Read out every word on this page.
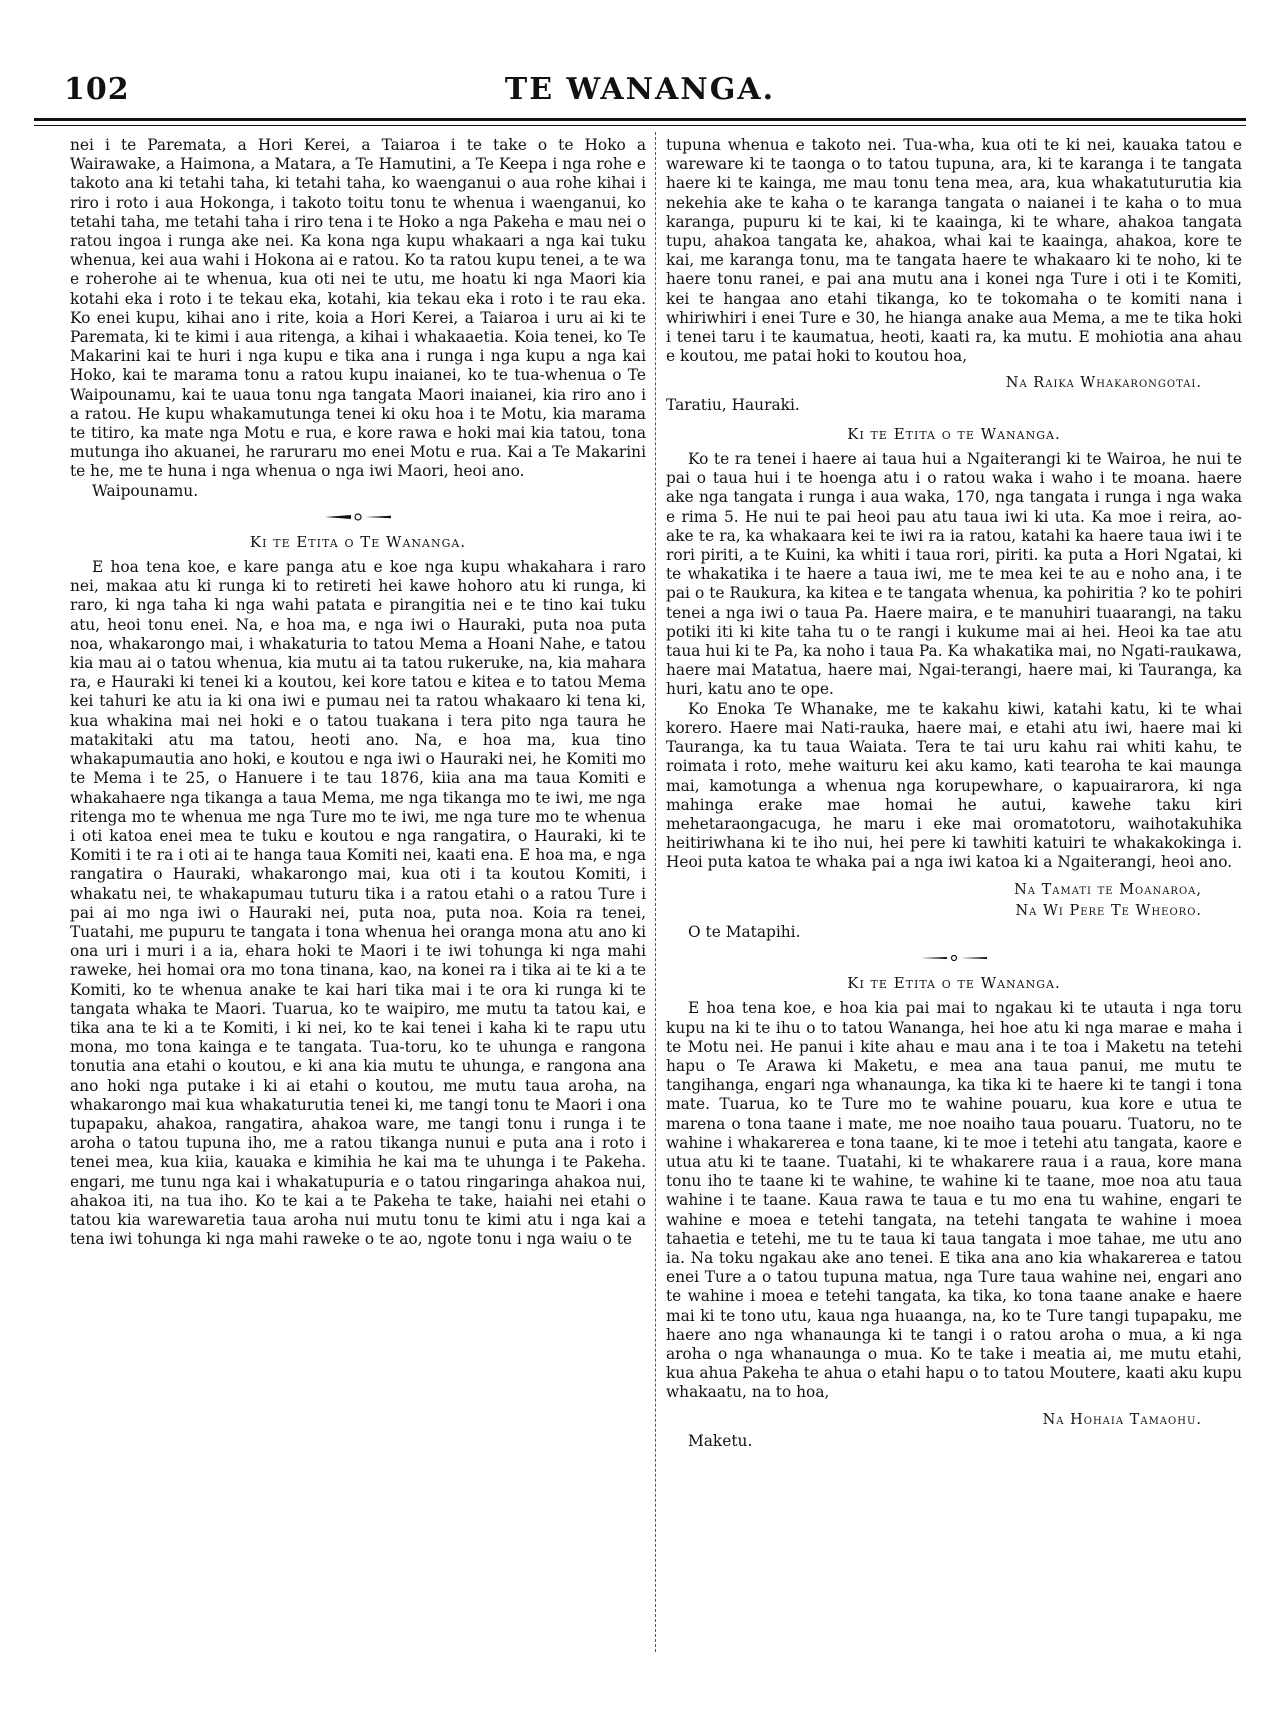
102	TE WANANGA.

nei i te Paremata, a Hori Kerei, a Taiaroa i te take o te Hoko a Wairawake, a Haimona, a Matara, a Te Hamutini, a Te Keepa i nga rohe e takoto ana ki tetahi taha, ki tetahi taha, ko waenganui o aua rohe kihai i riro i roto i aua Hokonga, i takoto toitu tonu te whenua i waenganui, ko tetahi taha, me tetahi taha i riro tena i te Hoko a nga Pakeha e mau nei o ratou ingoa i runga ake nei. Ka kona nga kupu whakaari a nga kai tuku whenua, kei aua wahi i Hokona ai e ratou. Ko ta ratou kupu tenei, a te wa e roherohe ai te whenua, kua oti nei te utu, me hoatu ki nga Maori kia kotahi eka i roto i te tekau eka, kotahi, kia tekau eka i roto i te rau eka. Ko enei kupu, kihai ano i rite, koia a Hori Kerei, a Taiaroa i uru ai ki te Paremata, ki te kimi i aua ritenga, a kihai i whakaaetia. Koia tenei, ko Te Makarini kai te huri i nga kupu e tika ana i runga i nga kupu a nga kai Hoko, kai te marama tonu a ratou kupu inaianei, ko te tua-whenua o Te Waipounamu, kai te uaua tonu nga tangata Maori inaianei, kia riro ano i a ratou. He kupu whakamutunga tenei ki oku hoa i te Motu, kia marama te titiro, ka mate nga Motu e rua, e kore rawa e hoki mai kia tatou, tona mutunga iho akuanei, he raruraru mo enei Motu e rua. Kai a Te Makarini te he, me te huna i nga whenua o nga iwi Maori, heoi ano.

Waipounamu.

Ki te Etita o Te Wananga.

E hoa tena koe, e kare panga atu e koe nga kupu whakahara i raro nei, makaa atu ki runga ki to retireti hei kawe hohoro atu ki runga, ki raro, ki nga taha ki nga wahi patata e pirangitia nei e te tino kai tuku atu, heoi tonu enei. Na, e hoa ma, e nga iwi o Hauraki, puta noa puta noa, whakarongo mai, i whakaturia to tatou Mema a Hoani Nahe, e tatou kia mau ai o tatou whenua, kia mutu ai ta tatou rukeruke, na, kia mahara ra, e Hauraki ki tenei ki a koutou, kei kore tatou e kitea e to tatou Mema kei tahuri ke atu ia ki ona iwi e pumau nei ta ratou whakaaro ki tena ki, kua whakina mai nei hoki e o tatou tuakana i tera pito nga taura he matakitaki atu ma tatou, heoti ano. Na, e hoa ma, kua tino whakapumautia ano hoki, e koutou e nga iwi o Hauraki nei, he Komiti mo te Mema i te 25, o Hanuere i te tau 1876, kiia ana ma taua Komiti e whakahaere nga tikanga a taua Mema, me nga tikanga mo te iwi, me nga ritenga mo te whenua me nga Ture mo te iwi, me nga ture mo te whenua i oti katoa enei mea te tuku e koutou e nga rangatira, o Hauraki, ki te Komiti i te ra i oti ai te hanga taua Komiti nei, kaati ena. E hoa ma, e nga rangatira o Hauraki, whakarongo mai, kua oti i ta koutou Komiti, i whakatu nei, te whakapumau tuturu tika i a ratou etahi o a ratou Ture i pai ai mo nga iwi o Hauraki nei, puta noa, puta noa. Koia ra tenei, Tuatahi, me pupuru te tangata i tona whenua hei oranga mona atu ano ki ona uri i muri i a ia, ehara hoki te Maori i te iwi tohunga ki nga mahi raweke, hei homai ora mo tona tinana, kao, na konei ra i tika ai te ki a te Komiti, ko te whenua anake te kai hari tika mai i te ora ki runga ki te tangata whaka te Maori. Tuarua, ko te waipiro, me mutu ta tatou kai, e tika ana te ki a te Komiti, i ki nei, ko te kai tenei i kaha ki te rapu utu mona, mo tona kainga e te tangata. Tua-toru, ko te uhunga e rangona tonutia ana etahi o koutou, e ki ana kia mutu te uhunga, e rangona ana ano hoki nga putake i ki ai etahi o koutou, me mutu taua aroha, na whakarongo mai kua whakaturutia tenei ki, me tangi tonu te Maori i ona tupapaku, ahakoa, rangatira, ahakoa ware, me tangi tonu i runga i te aroha o tatou tupuna iho, me a ratou tikanga nunui e puta ana i roto i tenei mea, kua kiia, kauaka e kimihia he kai ma te uhunga i te Pakeha. engari, me tunu nga kai i whakatupuria e o tatou ringaringa ahakoa nui, ahakoa iti, na tua iho. Ko te kai a te Pakeha te take, haiahi nei etahi o tatou kia warewaretia taua aroha nui mutu tonu te kimi atu i nga kai a tena iwi tohunga ki nga mahi raweke o te ao, ngote tonu i nga waiu o te

tupuna whenua e takoto nei. Tua-wha, kua oti te ki nei, kauaka tatou e wareware ki te taonga o to tatou tupuna, ara, ki te karanga i te tangata haere ki te kainga, me mau tonu tena mea, ara, kua whakatuturutia kia nekehia ake te kaha o te karanga tangata o naianei i te kaha o to mua karanga, pupuru ki te kai, ki te kaainga, ki te whare, ahakoa tangata tupu, ahakoa tangata ke, ahakoa, whai kai te kaainga, ahakoa, kore te kai, me karanga tonu, ma te tangata haere te whakaaro ki te noho, ki te haere tonu ranei, e pai ana mutu ana i konei nga Ture i oti i te Komiti, kei te hangaa ano etahi tikanga, ko te tokomaha o te komiti nana i whiriwhiri i enei Ture e 30, he hianga anake aua Mema, a me te tika hoki i tenei taru i te kaumatua, heoti, kaati ra, ka mutu. E mohiotia ana ahau e koutou, me patai hoki to koutou hoa,

Na Raika Whakarongotai.

Taratiu, Hauraki.

Ki te Etita o te Wananga.

Ko te ra tenei i haere ai taua hui a Ngaiterangi ki te Wairoa, he nui te pai o taua hui i te hoenga atu i o ratou waka i waho i te moana. haere ake nga tangata i runga i aua waka, 170, nga tangata i runga i nga waka e rima 5. He nui te pai heoi pau atu taua iwi ki uta. Ka moe i reira, ao-ake te ra, ka whakaara kei te iwi ra ia ratou, katahi ka haere taua iwi i te rori piriti, a te Kuini, ka whiti i taua rori, piriti. ka puta a Hori Ngatai, ki te whakatika i te haere a taua iwi, me te mea kei te au e noho ana, i te pai o te Raukura, ka kitea e te tangata whenua, ka pohiritia ? ko te pohiri tenei a nga iwi o taua Pa. Haere maira, e te manuhiri tuaarangi, na taku potiki iti ki kite taha tu o te rangi i kukume mai ai hei. Heoi ka tae atu taua hui ki te Pa, ka noho i taua Pa. Ka whakatika mai, no Ngati-raukawa, haere mai Matatua, haere mai, Ngai-terangi, haere mai, ki Tauranga, ka huri, katu ano te ope.

Ko Enoka Te Whanake, me te kakahu kiwi, katahi katu, ki te whai korero. Haere mai Nati-rauka, haere mai, e etahi atu iwi, haere mai ki Tauranga, ka tu taua Waiata. Tera te tai uru kahu rai whiti kahu, te roimata i roto, mehe waituru kei aku kamo, kati tearoha te kai maunga mai, kamotunga a whenua nga korupewhare, o kapuairarora, ki nga mahinga erake mae homai he autui, kawehe taku kiri mehetaraongacuga, he maru i eke mai oromatotoru, waihotakuhika heitiriwhana ki te iho nui, hei pere ki tawhiti katuiri te whakakokinga i. Heoi puta katoa te whaka pai a nga iwi katoa ki a Ngaiterangi, heoi ano.

Na Tamati te Moanaroa,
Na Wi Pere Te Wheoro.

O te Matapihi.

Ki te Etita o te Wananga.

E hoa tena koe, e hoa kia pai mai to ngakau ki te utauta i nga toru kupu na ki te ihu o to tatou Wananga, hei hoe atu ki nga marae e maha i te Motu nei. He panui i kite ahau e mau ana i te toa i Maketu na tetehi hapu o Te Arawa ki Maketu, e mea ana taua panui, me mutu te tangihanga, engari nga whanaunga, ka tika ki te haere ki te tangi i tona mate. Tuarua, ko te Ture mo te wahine pouaru, kua kore e utua te marena o tona taane i mate, me noe noaiho taua pouaru. Tuatoru, no te wahine i whakarerea e tona taane, ki te moe i tetehi atu tangata, kaore e utua atu ki te taane. Tuatahi, ki te whakarere raua i a raua, kore mana tonu iho te taane ki te wahine, te wahine ki te taane, moe noa atu taua wahine i te taane. Kaua rawa te taua e tu mo ena tu wahine, engari te wahine e moea e tetehi tangata, na tetehi tangata te wahine i moea tahaetia e tetehi, me tu te taua ki taua tangata i moe tahae, me utu ano ia. Na toku ngakau ake ano tenei. E tika ana ano kia whakarerea e tatou enei Ture a o tatou tupuna matua, nga Ture taua wahine nei, engari ano te wahine i moea e tetehi tangata, ka tika, ko tona taane anake e haere mai ki te tono utu, kaua nga huaanga, na, ko te Ture tangi tupapaku, me haere ano nga whanaunga ki te tangi i o ratou aroha o mua, a ki nga aroha o nga whanaunga o mua. Ko te take i meatia ai, me mutu etahi, kua ahua Pakeha te ahua o etahi hapu o to tatou Moutere, kaati aku kupu whakaatu, na to hoa,

Na Hohaia Tamaohu.

Maketu.
